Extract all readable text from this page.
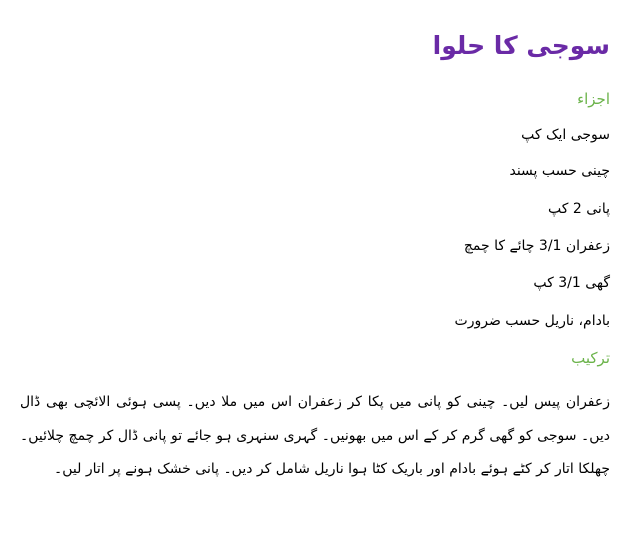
سوجی کا حلوا
اجزاء
سوجی ایک کپ
چینی حسب پسند
پانی 2 کپ
زعفران 3/1 چائے کا چمچ
گھی 3/1 کپ
بادام، ناریل حسب ضرورت
ترکیب

زعفران پیس لیں۔ چینی کو پانی میں پکا کر زعفران اس میں ملا دیں۔ پسی ہوئی الائچی بھی ڈال دیں۔ سوجی کو گھی گرم کر کے اس میں بھونیں۔ گہری سنہری ہو جائے تو پانی ڈال کر چمچ چلائیں۔ چھلکا اتار کر کٹے ہوئے بادام اور باریک کٹا ہوا ناریل شامل کر دیں۔ پانی خشک ہونے پر اتار لیں۔
